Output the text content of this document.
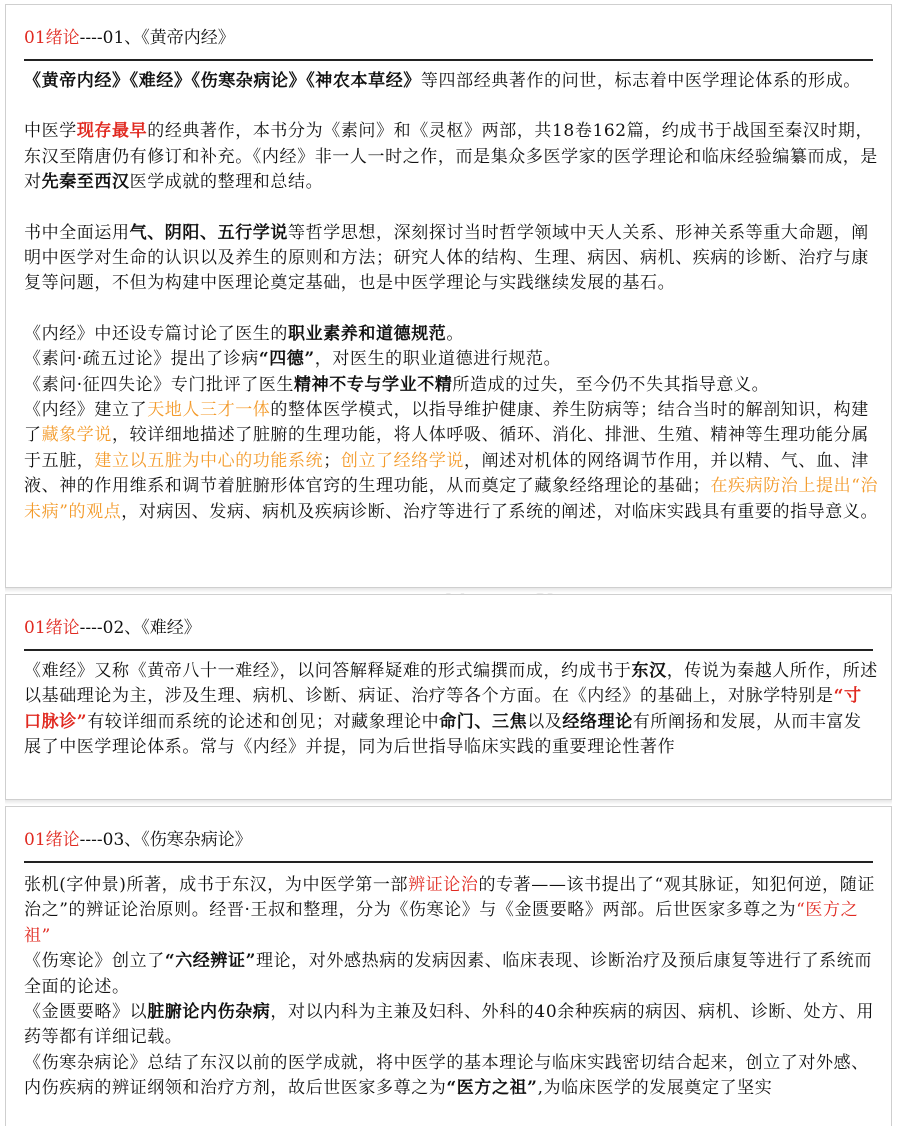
01绪论----01、《黄帝内经》

《黄帝内经》《难经》《伤寒杂病论》《神农本草经》等四部经典著作的问世，标志着中医学理论体系的形成。

中医学现存最早的经典著作，本书分为《素问》和《灵枢》两部，共18卷162篇，约成书于战国至秦汉时期，东汉至隋唐仍有修订和补充。《内经》非一人一时之作，而是集众多医学家的医学理论和临床经验编纂而成，是对先秦至西汉医学成就的整理和总结。

书中全面运用气、阴阳、五行学说等哲学思想，深刻探讨当时哲学领域中天人关系、形神关系等重大命题，阐明中医学对生命的认识以及养生的原则和方法；研究人体的结构、生理、病因、病机、疾病的诊断、治疗与康复等问题，不但为构建中医理论奠定基础，也是中医学理论与实践继续发展的基石。

《内经》中还设专篇讨论了医生的职业素养和道德规范。

《素问·疏五过论》提出了诊病“四德”，对医生的职业道德进行规范。

《素问·征四失论》专门批评了医生精神不专与学业不精所造成的过失，至今仍不失其指导意义。

《内经》建立了天地人三才一体的整体医学模式，以指导维护健康、养生防病等；结合当时的解剖知识，构建了藏象学说，较详细地描述了脏腑的生理功能，将人体呼吸、循环、消化、排泄、生殖、精神等生理功能分属于五脏，建立以五脏为中心的功能系统；创立了经络学说，阐述对机体的网络调节作用，并以精、气、血、津液、神的作用维系和调节着脏腑形体官窍的生理功能，从而奠定了藏象经络理论的基础；在疾病防治上提出“治未病”的观点，对病因、发病、病机及疾病诊断、治疗等进行了系统的阐述，对临床实践具有重要的指导意义。

01绪论----02、《难经》

《难经》又称《黄帝八十一难经》，以问答解释疑难的形式编撰而成，约成书于东汉，传说为秦越人所作，所述以基础理论为主，涉及生理、病机、诊断、病证、治疗等各个方面。在《内经》的基础上，对脉学特别是“寸口脉诊”有较详细而系统的论述和创见；对藏象理论中命门、三焦以及经络理论有所阐扬和发展，从而丰富发展了中医学理论体系。常与《内经》并提，同为后世指导临床实践的重要理论性著作

01绪论----03、《伤寒杂病论》

张机(字仲景)所著，成书于东汉，为中医学第一部辨证论治的专著——该书提出了“观其脉证，知犯何逆，随证治之”的辨证论治原则。经晋·王叔和整理，分为《伤寒论》与《金匮要略》两部。后世医家多尊之为“医方之祖”

《伤寒论》创立了“六经辨证”理论，对外感热病的发病因素、临床表现、诊断治疗及预后康复等进行了系统而全面的论述。

《金匮要略》以脏腑论内伤杂病，对以内科为主兼及妇科、外科的40余种疾病的病因、病机、诊断、处方、用药等都有详细记载。

《伤寒杂病论》总结了东汉以前的医学成就，将中医学的基本理论与临床实践密切结合起来，创立了对外感、内伤疾病的辨证纲领和治疗方剂，故后世医家多尊之为“医方之祖”,为临床医学的发展奠定了坚实
